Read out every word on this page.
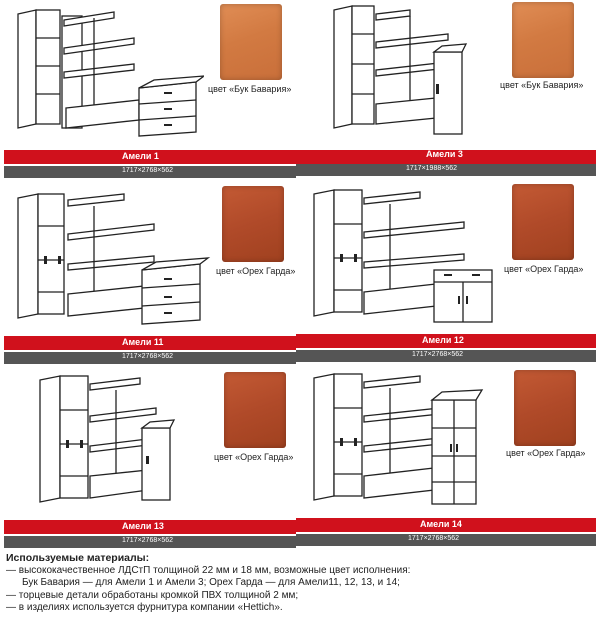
цвет «Бук Бавария»
Амели 1
1717×2768×562
цвет «Бук Бавария»
Амели 3
1717×1988×562
цвет «Орех Гарда»
Амели 11
1717×2768×562
цвет «Орех Гарда»
Амели 12
1717×2768×562
цвет «Орех Гарда»
Амели 13
1717×2768×562
цвет «Орех Гарда»
Амели 14
1717×2768×562
Используемые материалы:
— высококачественное ЛДСтП толщиной 22 мм и 18 мм, возможные цвет исполнения:
Бук Бавария — для Амели 1 и Амели 3; Орех Гарда — для Амели11, 12, 13, и 14;
— торцевые детали обработаны кромкой ПВХ толщиной 2 мм;
— в изделиях используется фурнитура компании «Hettich».
